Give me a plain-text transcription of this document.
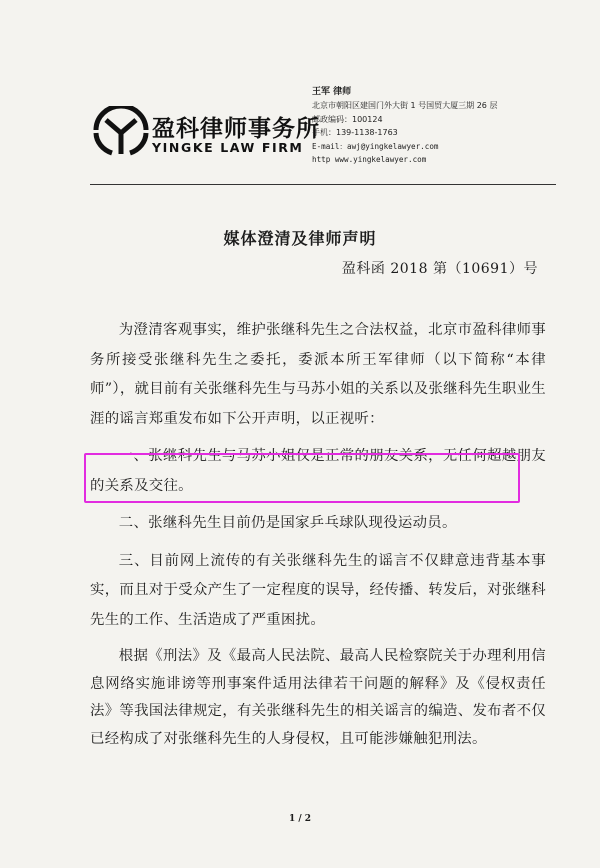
盈科律师事务所
YINGKE LAW FIRM
王军 律师
北京市朝阳区建国门外大街 1 号国贸大厦三期 26 层
邮政编码：100124
手机：139-1138-1763
E-mail：awj@yingkelawyer.com
http www.yingkelawyer.com
媒体澄清及律师声明
盈科函 2018 第（10691）号

为澄清客观事实，维护张继科先生之合法权益，北京市盈科律师事务所接受张继科先生之委托，委派本所王军律师（以下简称“本律师”），就目前有关张继科先生与马苏小姐的关系以及张继科先生职业生涯的谣言郑重发布如下公开声明，以正视听：

一、张继科先生与马苏小姐仅是正常的朋友关系，无任何超越朋友的关系及交往。

二、张继科先生目前仍是国家乒乓球队现役运动员。

三、目前网上流传的有关张继科先生的谣言不仅肆意违背基本事实，而且对于受众产生了一定程度的误导，经传播、转发后，对张继科先生的工作、生活造成了严重困扰。

根据《刑法》及《最高人民法院、最高人民检察院关于办理利用信息网络实施诽谤等刑事案件适用法律若干问题的解释》及《侵权责任法》等我国法律规定，有关张继科先生的相关谣言的编造、发布者不仅已经构成了对张继科先生的人身侵权，且可能涉嫌触犯刑法。

1 / 2
